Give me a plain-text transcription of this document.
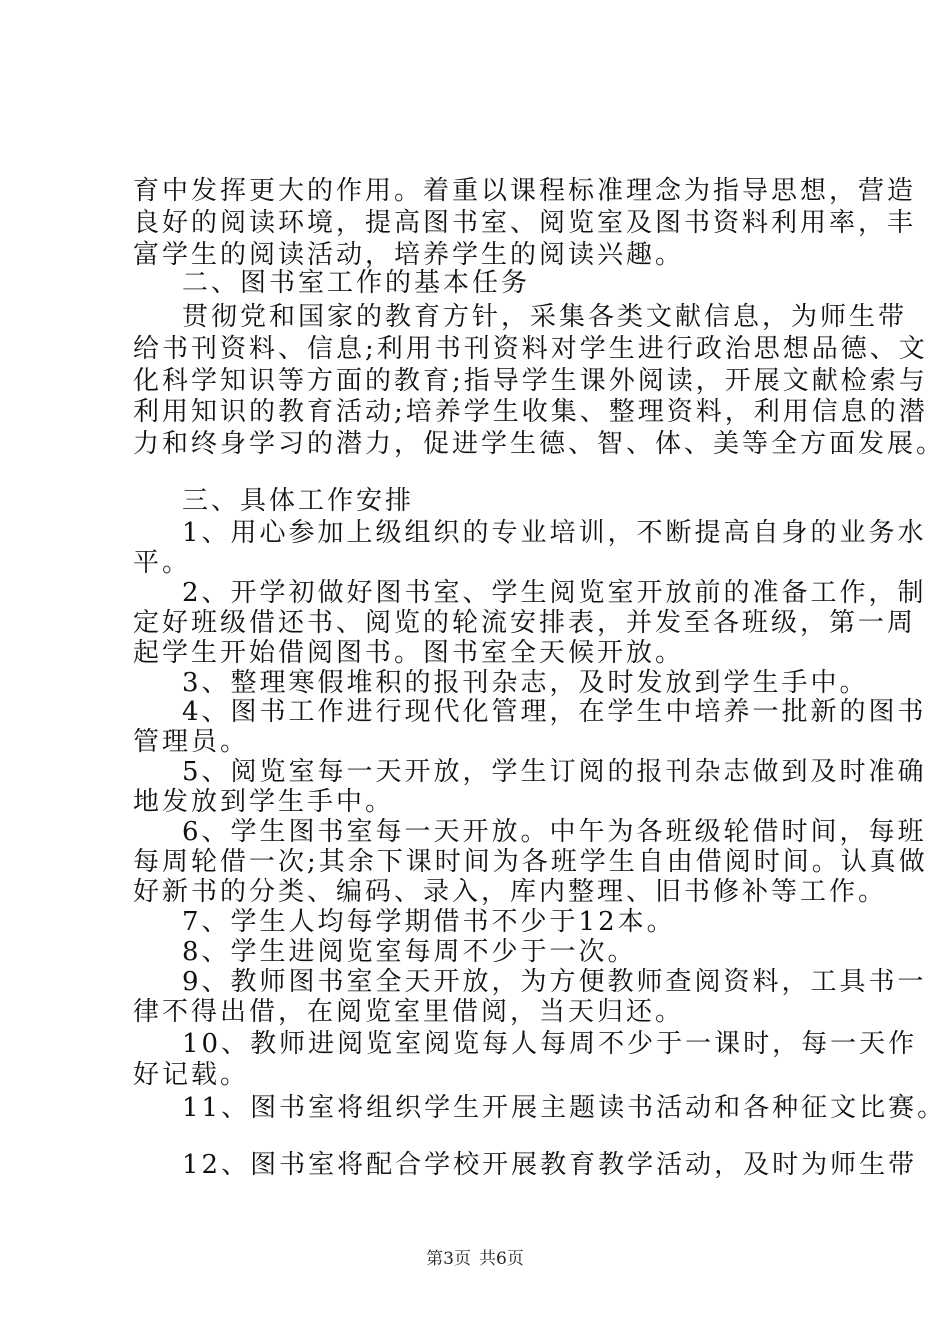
育中发挥更大的作用。着重以课程标准理念为指导思想，营造
良好的阅读环境，提高图书室、阅览室及图书资料利用率，丰
富学生的阅读活动，培养学生的阅读兴趣。
二、图书室工作的基本任务
贯彻党和国家的教育方针，采集各类文献信息，为师生带
给书刊资料、信息;利用书刊资料对学生进行政治思想品德、文
化科学知识等方面的教育;指导学生课外阅读，开展文献检索与
利用知识的教育活动;培养学生收集、整理资料，利用信息的潜
力和终身学习的潜力，促进学生德、智、体、美等全方面发展。
三、具体工作安排
1、用心参加上级组织的专业培训，不断提高自身的业务水
平。
2、开学初做好图书室、学生阅览室开放前的准备工作，制
定好班级借还书、阅览的轮流安排表，并发至各班级，第一周
起学生开始借阅图书。图书室全天候开放。
3、整理寒假堆积的报刊杂志，及时发放到学生手中。
4、图书工作进行现代化管理，在学生中培养一批新的图书
管理员。
5、阅览室每一天开放，学生订阅的报刊杂志做到及时准确
地发放到学生手中。
6、学生图书室每一天开放。中午为各班级轮借时间，每班
每周轮借一次;其余下课时间为各班学生自由借阅时间。认真做
好新书的分类、编码、录入，库内整理、旧书修补等工作。
7、学生人均每学期借书不少于12本。
8、学生进阅览室每周不少于一次。
9、教师图书室全天开放，为方便教师查阅资料，工具书一
律不得出借，在阅览室里借阅，当天归还。
10、教师进阅览室阅览每人每周不少于一课时，每一天作
好记载。
11、图书室将组织学生开展主题读书活动和各种征文比赛。
12、图书室将配合学校开展教育教学活动，及时为师生带
第3页 共6页
